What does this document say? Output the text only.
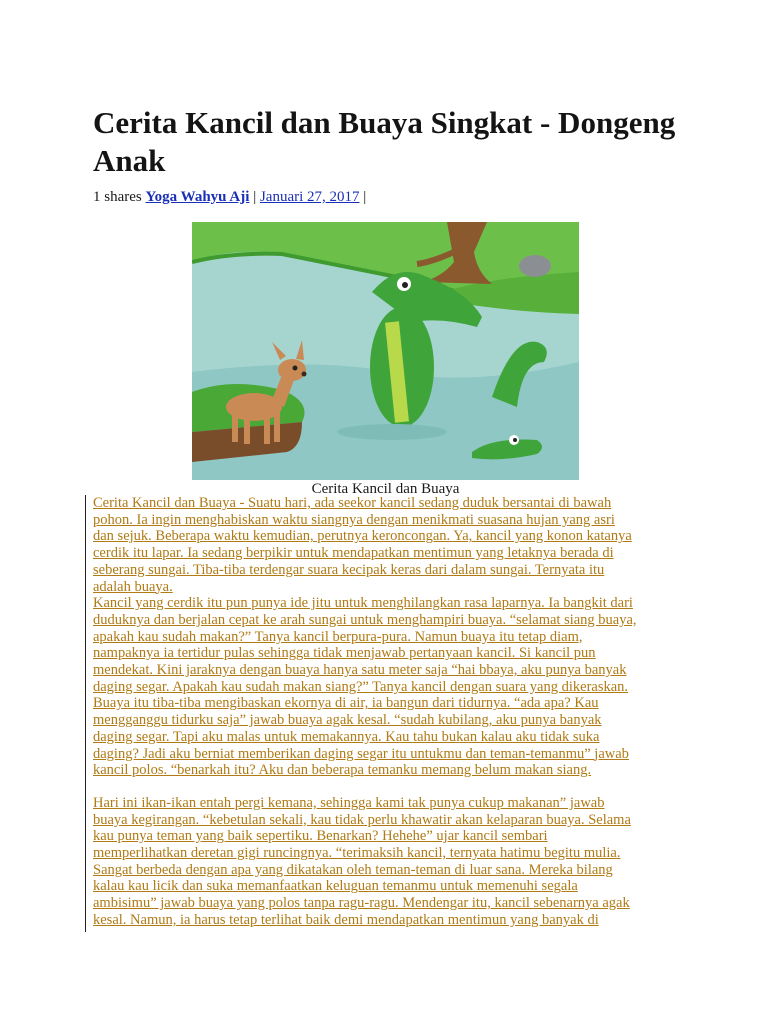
Cerita Kancil dan Buaya Singkat - Dongeng Anak
1 shares Yoga Wahyu Aji | Januari 27, 2017 |
Cerita Kancil dan Buaya
Cerita Kancil dan Buaya - Suatu hari, ada seekor kancil sedang duduk bersantai di bawah
pohon. Ia ingin menghabiskan waktu siangnya dengan menikmati suasana hujan yang asri
dan sejuk. Beberapa waktu kemudian, perutnya keroncongan. Ya, kancil yang konon katanya
cerdik itu lapar. Ia sedang berpikir untuk mendapatkan mentimun yang letaknya berada di
seberang sungai. Tiba-tiba terdengar suara kecipak keras dari dalam sungai. Ternyata itu
adalah buaya.
Kancil yang cerdik itu pun punya ide jitu untuk menghilangkan rasa laparnya. Ia bangkit dari
duduknya dan berjalan cepat ke arah sungai untuk menghampiri buaya. “selamat siang buaya,
apakah kau sudah makan?” Tanya kancil berpura-pura. Namun buaya itu tetap diam,
nampaknya ia tertidur pulas sehingga tidak menjawab pertanyaan kancil. Si kancil pun
mendekat. Kini jaraknya dengan buaya hanya satu meter saja “hai bbaya, aku punya banyak
daging segar. Apakah kau sudah makan siang?” Tanya kancil dengan suara yang dikeraskan.
Buaya itu tiba-tiba mengibaskan ekornya di air, ia bangun dari tidurnya. “ada apa? Kau
mengganggu tidurku saja” jawab buaya agak kesal. “sudah kubilang, aku punya banyak
daging segar. Tapi aku malas untuk memakannya. Kau tahu bukan kalau aku tidak suka
daging? Jadi aku berniat memberikan daging segar itu untukmu dan teman-temanmu” jawab
kancil polos. “benarkah itu? Aku dan beberapa temanku memang belum makan siang.
Hari ini ikan-ikan entah pergi kemana, sehingga kami tak punya cukup makanan” jawab
buaya kegirangan. “kebetulan sekali, kau tidak perlu khawatir akan kelaparan buaya. Selama
kau punya teman yang baik sepertiku. Benarkan? Hehehe” ujar kancil sembari
memperlihatkan deretan gigi runcingnya. “terimaksih kancil, ternyata hatimu begitu mulia.
Sangat berbeda dengan apa yang dikatakan oleh teman-teman di luar sana. Mereka bilang
kalau kau licik dan suka memanfaatkan keluguan temanmu untuk memenuhi segala
ambisimu” jawab buaya yang polos tanpa ragu-ragu. Mendengar itu, kancil sebenarnya agak
kesal. Namun, ia harus tetap terlihat baik demi mendapatkan mentimun yang banyak di
